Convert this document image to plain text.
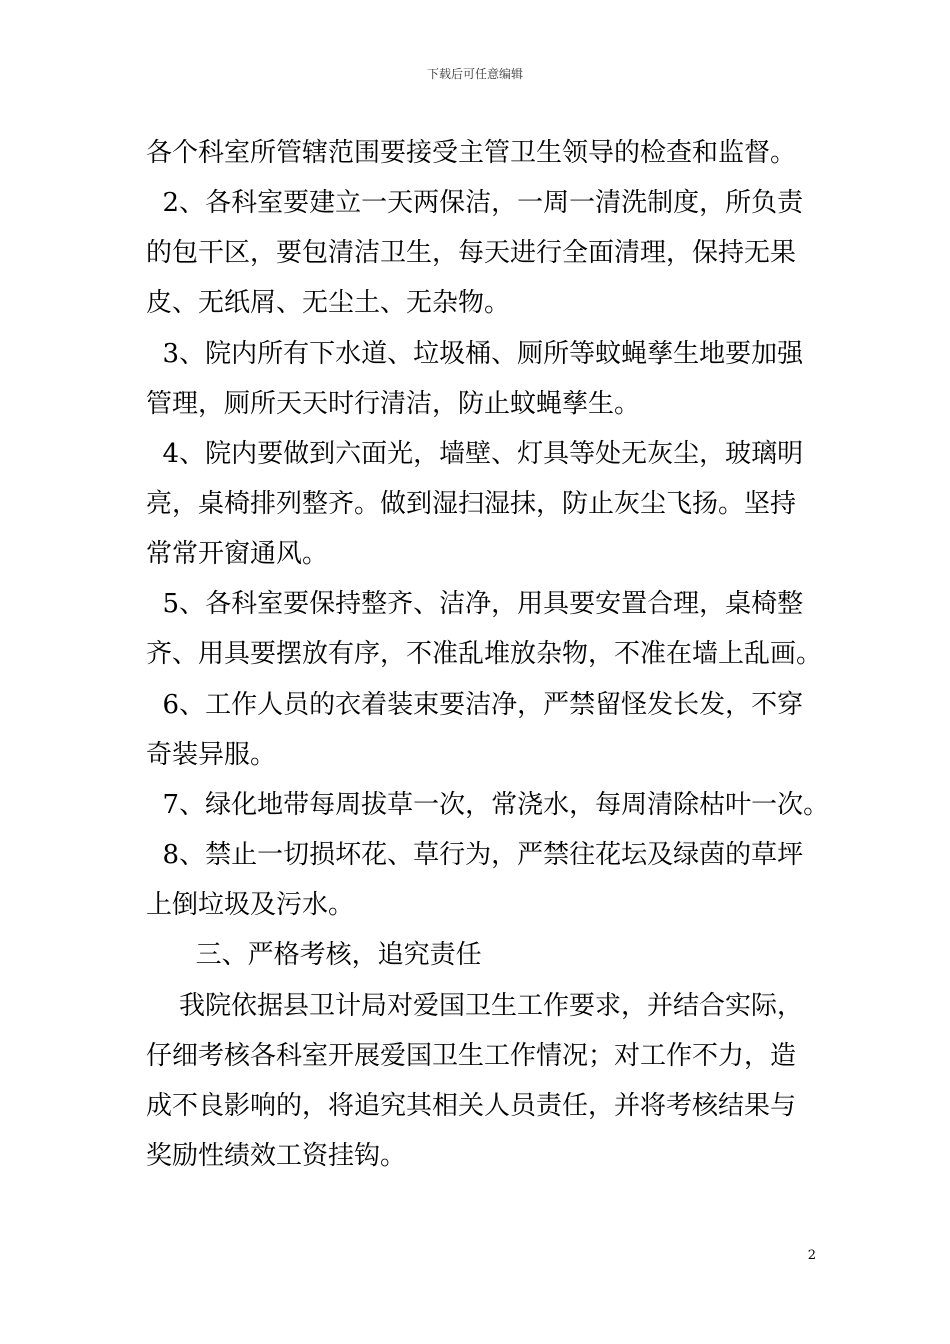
下载后可任意编辑
各个科室所管辖范围要接受主管卫生领导的检查和监督。
2、各科室要建立一天两保洁，一周一清洗制度，所负责
的包干区，要包清洁卫生，每天进行全面清理，保持无果
皮、无纸屑、无尘土、无杂物。
3、院内所有下水道、垃圾桶、厕所等蚊蝇孳生地要加强
管理，厕所天天时行清洁，防止蚊蝇孳生。
4、院内要做到六面光，墙壁、灯具等处无灰尘，玻璃明
亮，桌椅排列整齐。做到湿扫湿抹，防止灰尘飞扬。坚持
常常开窗通风。
5、各科室要保持整齐、洁净，用具要安置合理，桌椅整
齐、用具要摆放有序，不准乱堆放杂物，不准在墙上乱画。
6、工作人员的衣着装束要洁净，严禁留怪发长发，不穿
奇装异服。
7、绿化地带每周拔草一次，常浇水，每周清除枯叶一次。
8、禁止一切损坏花、草行为，严禁往花坛及绿茵的草坪
上倒垃圾及污水。
三、严格考核，追究责任
我院依据县卫计局对爱国卫生工作要求，并结合实际，
仔细考核各科室开展爱国卫生工作情况；对工作不力，造
成不良影响的，将追究其相关人员责任，并将考核结果与
奖励性绩效工资挂钩。
2
